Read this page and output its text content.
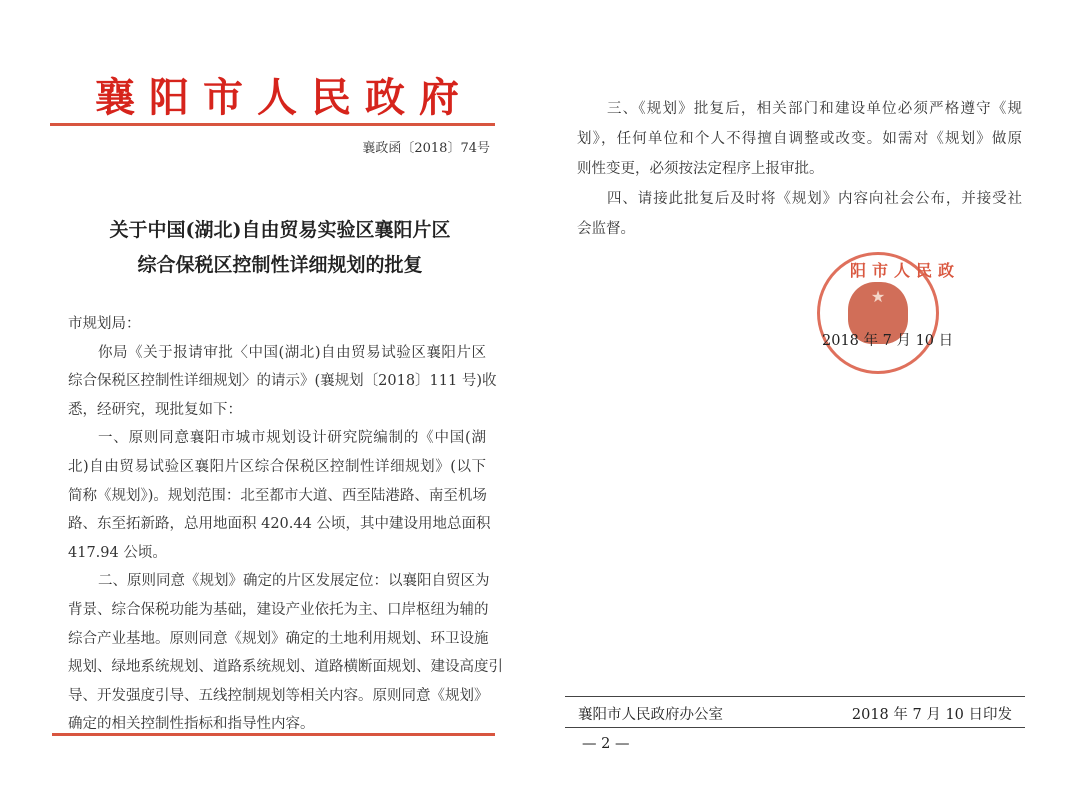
襄阳市人民政府
襄政函〔2018〕74号
关于中国(湖北)自由贸易实验区襄阳片区
综合保税区控制性详细规划的批复
市规划局：
你局《关于报请审批〈中国(湖北)自由贸易试验区襄阳片区
综合保税区控制性详细规划〉的请示》(襄规划〔2018〕111 号)收
悉，经研究，现批复如下：
一、原则同意襄阳市城市规划设计研究院编制的《中国(湖
北)自由贸易试验区襄阳片区综合保税区控制性详细规划》(以下
简称《规划》)。规划范围：北至都市大道、西至陆港路、南至机场
路、东至拓新路，总用地面积 420.44 公顷，其中建设用地总面积
417.94 公顷。
二、原则同意《规划》确定的片区发展定位：以襄阳自贸区为
背景、综合保税功能为基础，建设产业依托为主、口岸枢纽为辅的
综合产业基地。原则同意《规划》确定的土地利用规划、环卫设施
规划、绿地系统规划、道路系统规划、道路横断面规划、建设高度引
导、开发强度引导、五线控制规划等相关内容。原则同意《规划》
确定的相关控制性指标和指导性内容。
三、《规划》批复后，相关部门和建设单位必须严格遵守《规
划》，任何单位和个人不得擅自调整或改变。如需对《规划》做原
则性变更，必须按法定程序上报审批。
四、请接此批复后及时将《规划》内容向社会公布，并接受社
会监督。
★
阳市人民政
2018 年 7 月 10 日
襄阳市人民政府办公室	2018 年 7 月 10 日印发
— 2 —
